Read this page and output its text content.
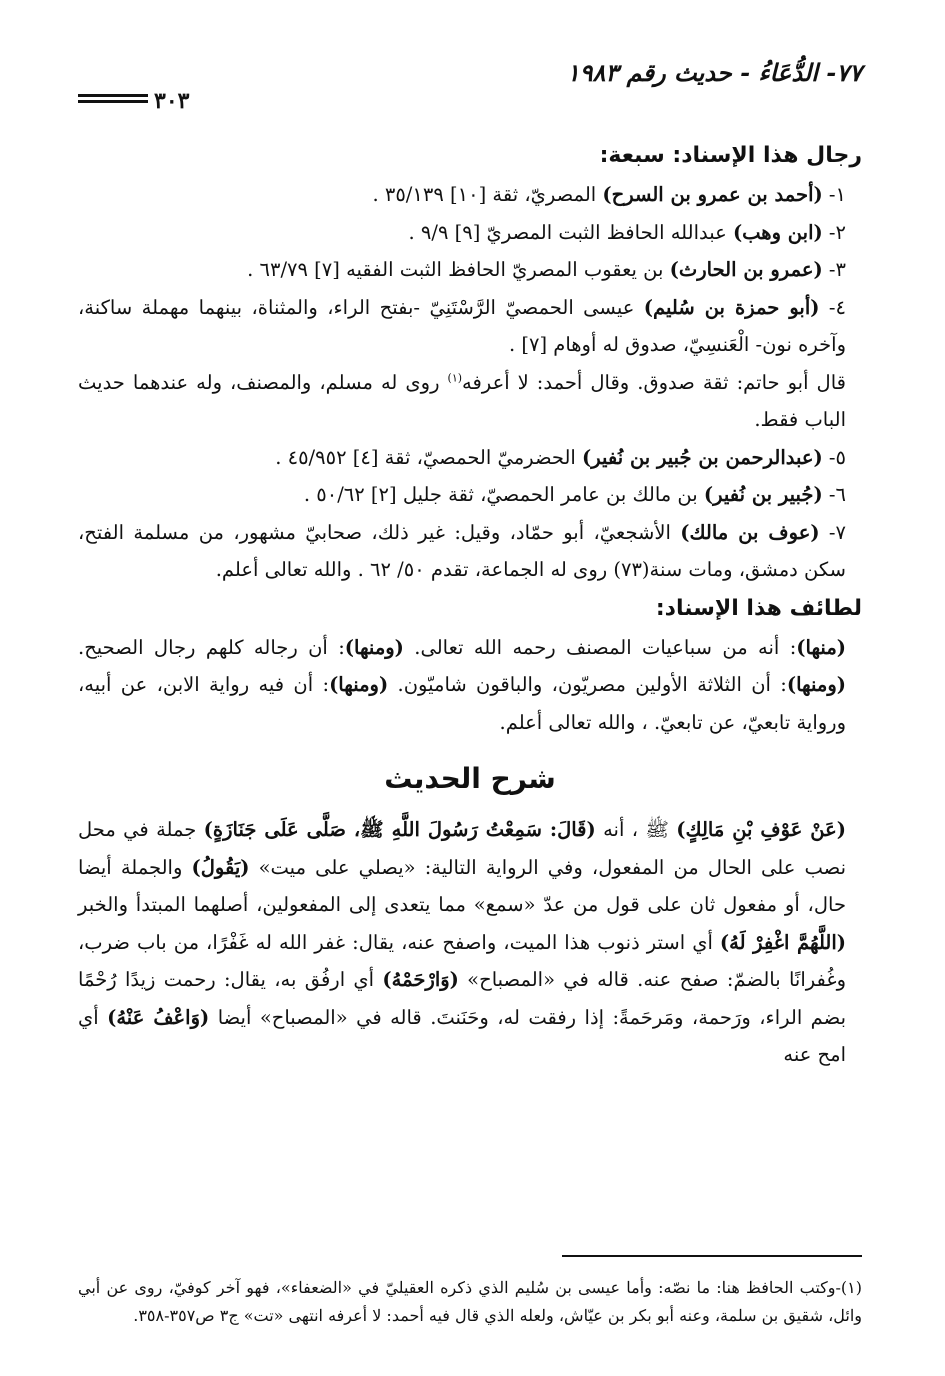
٧٧- الدُّعَاءُ - حديث رقم ١٩٨٣
٣٠٣

رجال هذا الإسناد: سبعة:

١- (أحمد بن عمرو بن السرح) المصريّ، ثقة [١٠] ٣٥/١٣٩ .

٢- (ابن وهب) عبدالله الحافظ الثبت المصريّ [٩] ٩/٩ .

٣- (عمرو بن الحارث) بن يعقوب المصريّ الحافظ الثبت الفقيه [٧] ٦٣/٧٩ .

٤- (أبو حمزة بن سُليم) عيسى الحمصيّ الرَّسْتَنِيّ -بفتح الراء، والمثناة، بينهما مهملة ساكنة، وآخره نون- الْعَنسِيّ، صدوق له أوهام [٧] .

قال أبو حاتم: ثقة صدوق. وقال أحمد: لا أعرفه$^{(١)}$ روى له مسلم، والمصنف، وله عندهما حديث الباب فقط.

٥- (عبدالرحمن بن جُبير بن نُفير) الحضرميّ الحمصيّ، ثقة [٤] ٤٥/٩٥٢ .

٦- (جُبير بن نُفير) بن مالك بن عامر الحمصيّ، ثقة جليل [٢] ٥٠/٦٢ .

٧- (عوف بن مالك) الأشجعيّ، أبو حمّاد، وقيل: غير ذلك، صحابيّ مشهور، من مسلمة الفتح، سكن دمشق، ومات سنة(٧٣) روى له الجماعة، تقدم ٥٠/ ٦٢ . والله تعالى أعلم.

لطائف هذا الإسناد:

(منها): أنه من سباعيات المصنف رحمه الله تعالى. (ومنها): أن رجاله كلهم رجال الصحيح. (ومنها): أن الثلاثة الأولين مصريّون، والباقون شاميّون. (ومنها): أن فيه رواية الابن، عن أبيه، ورواية تابعيّ، عن تابعيّ. ، والله تعالى أعلم.

شرح الحديث

(عَنْ عَوْفِ بْنِ مَالِكٍ) ﷺ ، أنه (قَالَ: سَمِعْتُ رَسُولَ اللَّهِ ﷺ، صَلَّى عَلَى جَنَازَةٍ) جملة في محل نصب على الحال من المفعول، وفي الرواية التالية: «يصلي على ميت» (يَقُولُ) والجملة أيضا حال، أو مفعول ثان على قول من عدّ «سمع» مما يتعدى إلى المفعولين، أصلهما المبتدأ والخبر (اللَّهُمَّ اغْفِرْ لَهُ) أي استر ذنوب هذا الميت، واصفح عنه، يقال: غفر الله له غَفْرًا، من باب ضرب، وغُفرانًا بالضمّ: صفح عنه. قاله في «المصباح» (وَارْحَمْهُ) أي ارفُق به، يقال: رحمت زيدًا رُحْمًا بضم الراء، ورَحمة، ومَرحَمةً: إذا رفقت له، وحَنَنتَ. قاله في «المصباح» أيضا (وَاعْفُ عَنْهُ) أي امح عنه

(١)-وكتب الحافظ هنا: ما نصّه: وأما عيسى بن سُليم الذي ذكره العقيليّ في «الضعفاء»، فهو آخر كوفيّ، روى عن أبي وائل، شقيق بن سلمة، وعنه أبو بكر بن عيّاش، ولعله الذي قال فيه أحمد: لا أعرفه انتهى «تت» ج٣ ص٣٥٧-٣٥٨.
